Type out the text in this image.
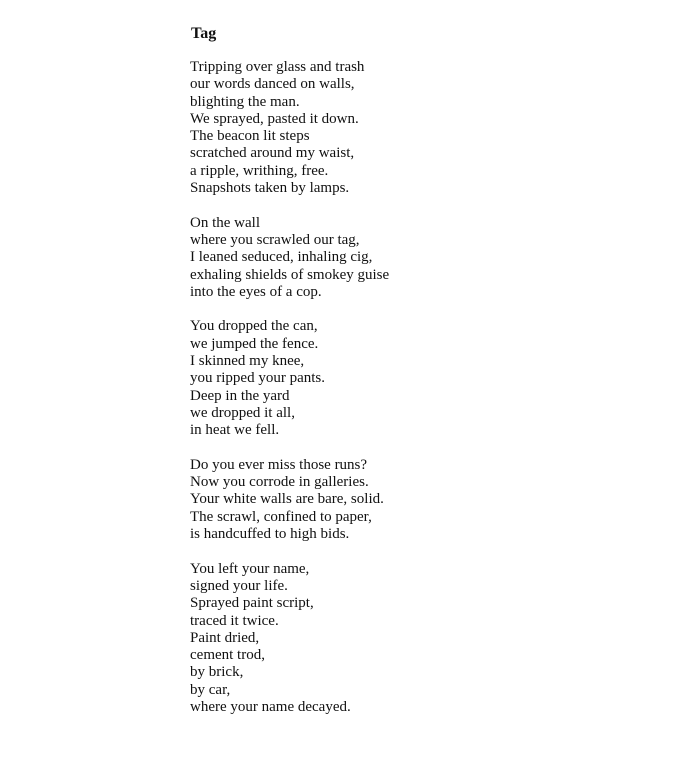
Tag
Tripping over glass and trash
our words danced on walls,
blighting the man.
We sprayed, pasted it down.
The beacon lit steps
scratched around my waist,
a ripple, writhing, free.
Snapshots taken by lamps.
On the wall
where you scrawled our tag,
I leaned seduced, inhaling cig,
exhaling shields of smokey guise
into the eyes of a cop.
You dropped the can,
we jumped the fence.
I skinned my knee,
you ripped your pants.
Deep in the yard
we dropped it all,
in heat we fell.
Do you ever miss those runs?
Now you corrode in galleries.
Your white walls are bare, solid.
The scrawl, confined to paper,
is handcuffed to high bids.
You left your name,
signed your life.
Sprayed paint script,
traced it twice.
Paint dried,
cement trod,
by brick,
by car,
where your name decayed.
